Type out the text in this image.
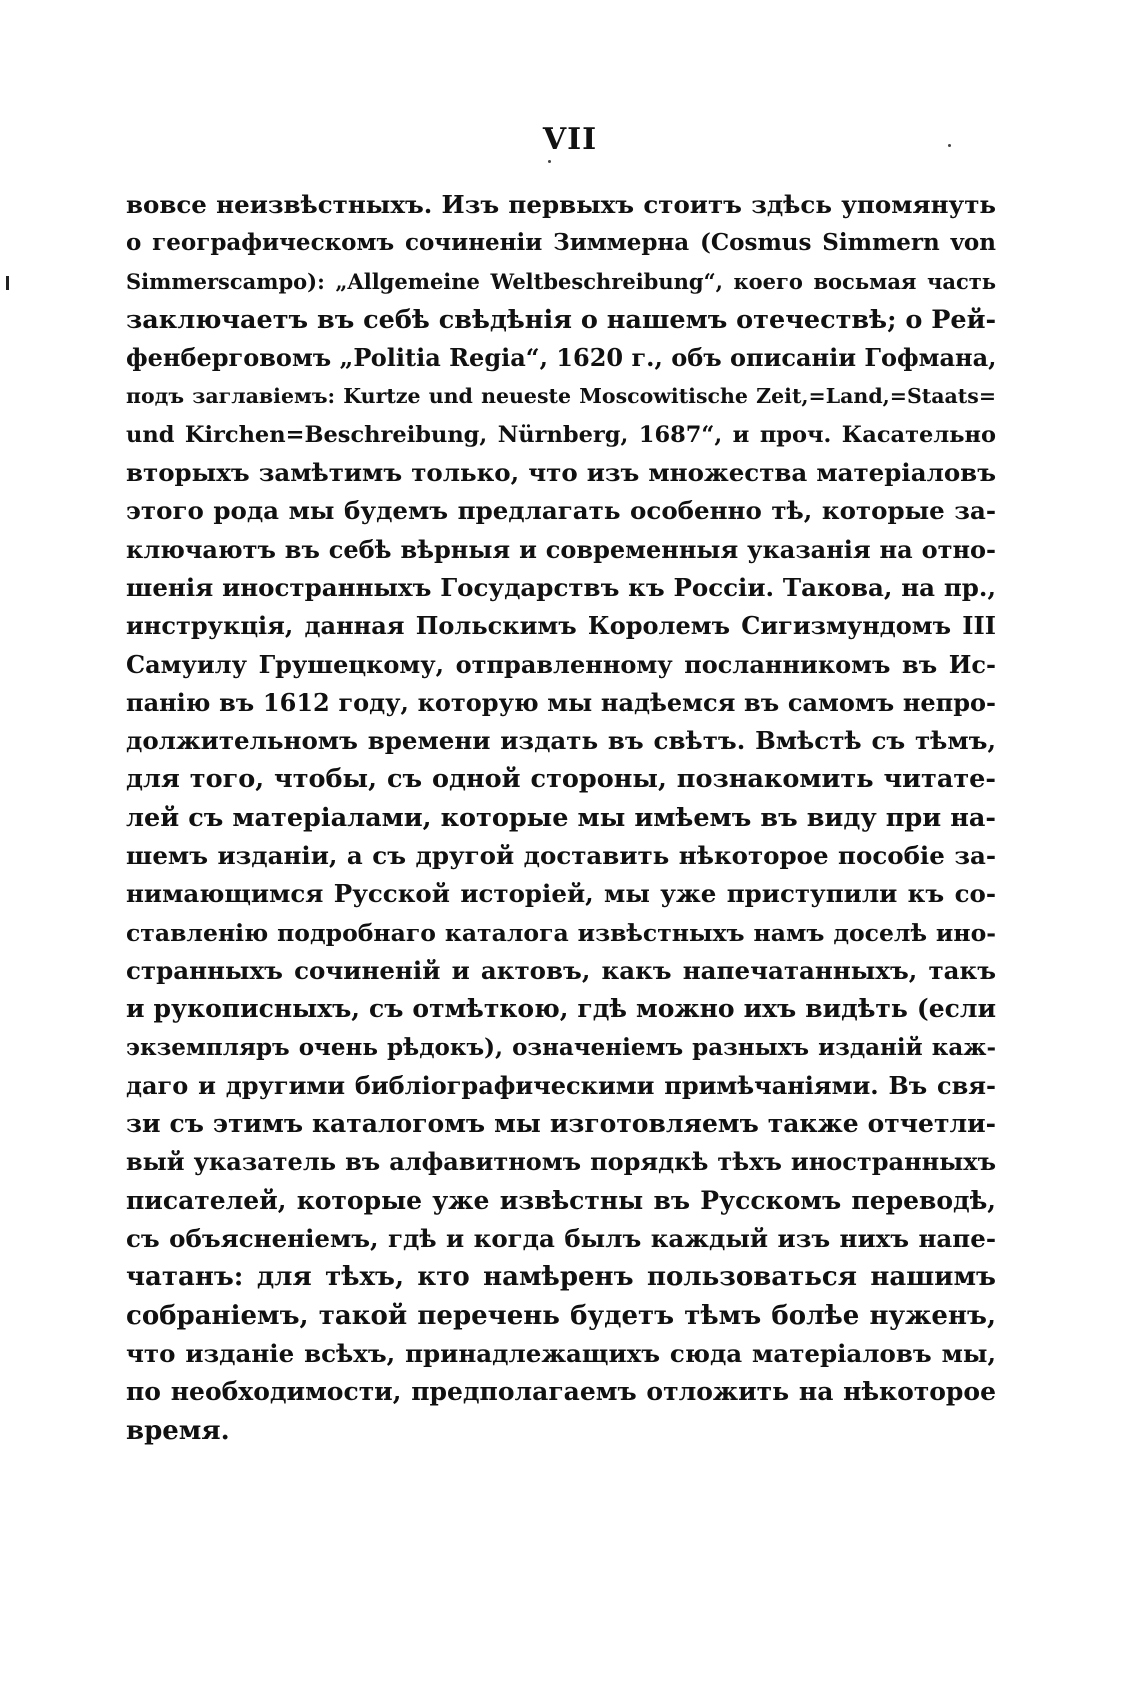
VII
вовсе неизвѣстныхъ. Изъ первыхъ стоитъ здѣсь упомянуть
о географическомъ сочиненіи Зиммерна (Cosmus Simmern von
Simmerscampo): „Allgemeine Weltbeschreibung“, коего восьмая часть
заключаетъ въ себѣ свѣдѣнія о нашемъ отечествѣ; о Рей-
фенберговомъ „Politia Regia“, 1620 г., объ описаніи Гофмана,
подъ заглавіемъ: Kurtze und neueste Moscowitische Zeit,=Land,=Staats=
und Kirchen=Beschreibung, Nürnberg, 1687“, и проч. Касательно
вторыхъ замѣтимъ только, что изъ множества матеріаловъ
этого рода мы будемъ предлагать особенно тѣ, которые за-
ключаютъ въ себѣ вѣрныя и современныя указанія на отно-
шенія иностранныхъ Государствъ къ Россіи. Такова, на пр.,
инструкція, данная Польскимъ Королемъ Сигизмундомъ III
Самуилу Грушецкому, отправленному посланникомъ въ Ис-
панію въ 1612 году, которую мы надѣемся въ самомъ непро-
должительномъ времени издать въ свѣтъ. Вмѣстѣ съ тѣмъ,
для того, чтобы, съ одной стороны, познакомить читате-
лей съ матеріалами, которые мы имѣемъ въ виду при на-
шемъ изданіи, а съ другой доставить нѣкоторое пособіе за-
нимающимся Русской исторіей, мы уже приступили къ со-
ставленію подробнаго каталога извѣстныхъ намъ доселѣ ино-
странныхъ сочиненій и актовъ, какъ напечатанныхъ, такъ
и рукописныхъ, съ отмѣткою, гдѣ можно ихъ видѣть (если
экземпляръ очень рѣдокъ), означеніемъ разныхъ изданій каж-
даго и другими библіографическими примѣчаніями. Въ свя-
зи съ этимъ каталогомъ мы изготовляемъ также отчетли-
вый указатель въ алфавитномъ порядкѣ тѣхъ иностранныхъ
писателей, которые уже извѣстны въ Русскомъ переводѣ,
съ объясненіемъ, гдѣ и когда былъ каждый изъ нихъ напе-
чатанъ: для тѣхъ, кто намѣренъ пользоваться нашимъ
собраніемъ, такой перечень будетъ тѣмъ болѣе нуженъ,
что изданіе всѣхъ, принадлежащихъ сюда матеріаловъ мы,
по необходимости, предполагаемъ отложить на нѣкоторое
время.
